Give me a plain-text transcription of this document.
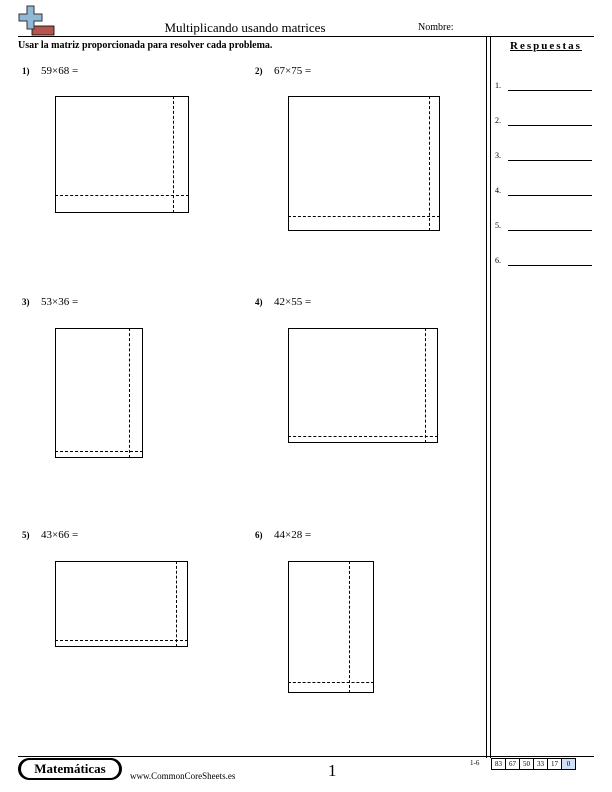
Multiplicando usando matrices	Nombre:
Usar la matriz proporcionada para resolver cada problema.	Respuestas
1.
2.
3.
4.
5.
6.
1) 59×68 =	2) 67×75 =
3) 53×36 =	4) 42×55 =
5) 43×66 =	6) 44×28 =
Matemáticas	www.CommonCoreSheets.es	1	1-6	83	67	50	33	17	0
